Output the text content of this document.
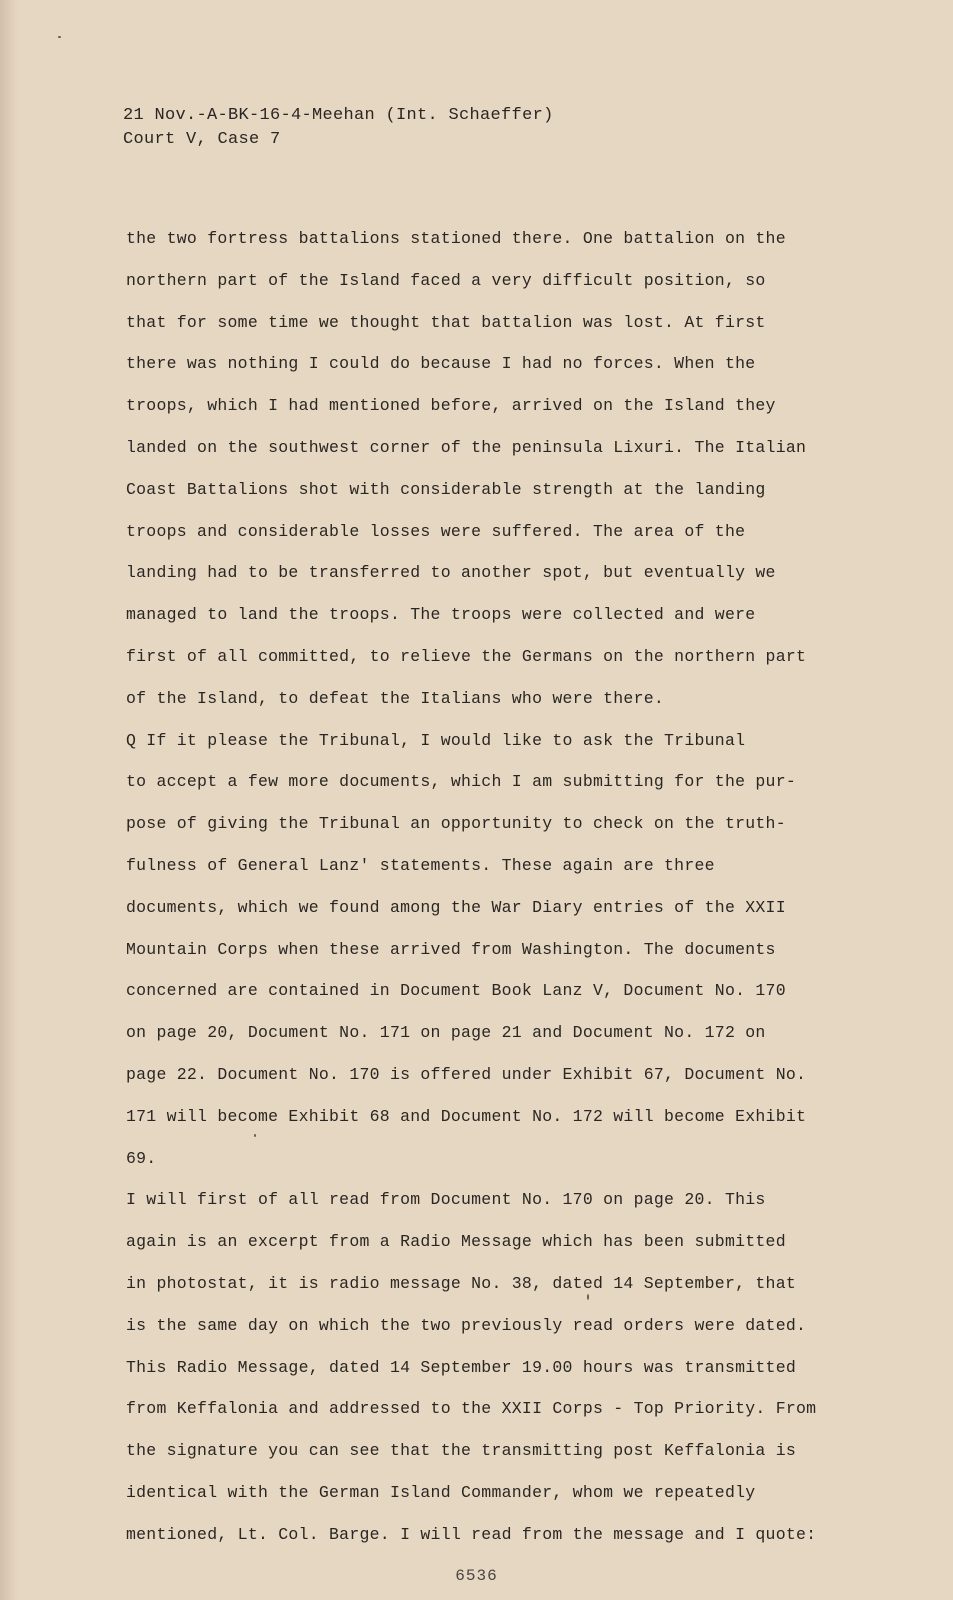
21 Nov.-A-BK-16-4-Meehan (Int. Schaeffer)
Court V, Case 7
the two fortress battalions stationed there. One battalion on the
northern part of the Island faced a very difficult position, so
that for some time we thought that battalion was lost. At first
there was nothing I could do because I had no forces. When the
troops, which I had mentioned before, arrived on the Island they
landed on the southwest corner of the peninsula Lixuri. The Italian
Coast Battalions shot with considerable strength at the landing
troops and considerable losses were suffered. The area of the
landing had to be transferred to another spot, but eventually we
managed to land the troops. The troops were collected and were
first of all committed, to relieve the Germans on the northern part
of the Island, to defeat the Italians who were there.
Q If it please the Tribunal, I would like to ask the Tribunal
to accept a few more documents, which I am submitting for the pur-
pose of giving the Tribunal an opportunity to check on the truth-
fulness of General Lanz' statements. These again are three
documents, which we found among the War Diary entries of the XXII
Mountain Corps when these arrived from Washington. The documents
concerned are contained in Document Book Lanz V, Document No. 170
on page 20, Document No. 171 on page 21 and Document No. 172 on
page 22. Document No. 170 is offered under Exhibit 67, Document No.
171 will become Exhibit 68 and Document No. 172 will become Exhibit
69.
I will first of all read from Document No. 170 on page 20. This
again is an excerpt from a Radio Message which has been submitted
in photostat, it is radio message No. 38, dated 14 September, that
is the same day on which the two previously read orders were dated.
This Radio Message, dated 14 September 19.00 hours was transmitted
from Keffalonia and addressed to the XXII Corps - Top Priority. From
the signature you can see that the transmitting post Keffalonia is
identical with the German Island Commander, whom we repeatedly
mentioned, Lt. Col. Barge. I will read from the message and I quote:
6536
